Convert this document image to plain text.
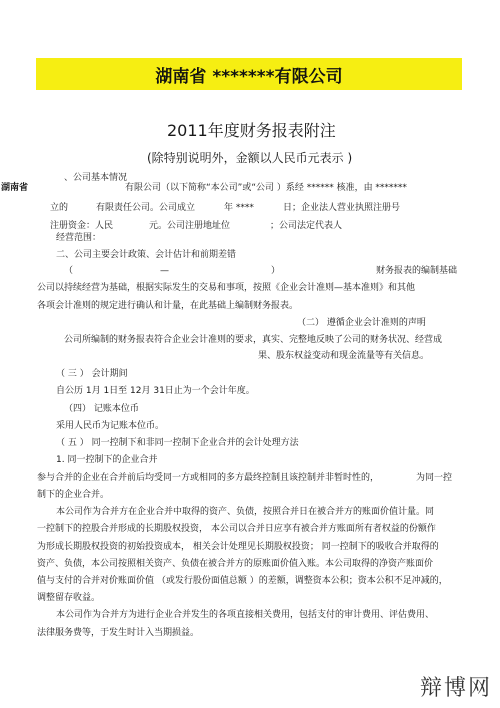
湖南省 *******有限公司
2011年度财务报表附注
(除特别说明外，金额以人民币元表示 )
、公司基本情况
湖南省	有限公司（以下简称“本公司”或“公司 ）系经 ****** 核准，由 *******
立的	有限责任公司。公司成立	年 ****	日；企业法人营业执照注册号
注册资金：人民	元。公司注册地址位	；公司法定代表人
经营范围：
二、公司主要会计政策、会计估计和前期差错
（	—	）	财务报表的编制基础
公司以持续经营为基础，根据实际发生的交易和事项，按照《企业会计准则—基本准则》和其他
各项会计准则的规定进行确认和计量，在此基础上编制财务报表。
（二） 遵循企业会计准则的声明
公司所编制的财务报表符合企业会计准则的要求，真实、完整地反映了公司的财务状况、经营成
果、股东权益变动和现金流量等有关信息。
（ 三 ） 会计期间
自公历 1月 1日至 12月 31日止为一个会计年度。
（四） 记账本位币
采用人民币为记账本位币。
（ 五 ） 同一控制下和非同一控制下企业合并的会计处理方法
1. 同一控制下的企业合并
参与合并的企业在合并前后均受同一方或相同的多方最终控制且该控制并非暂时性的，	为同一控
制下的企业合并。
本公司作为合并方在企业合并中取得的资产、负债，按照合并日在被合并方的账面价值计量。同
一控制下的控股合并形成的长期股权投资， 本公司以合并日应享有被合并方账面所有者权益的份额作
为形成长期股权投资的初始投资成本， 相关会计处理见长期股权投资； 同一控制下的吸收合并取得的
资产、负债，本公司按照相关资产、负债在被合并方的原账面价值入账。本公司取得的净资产账面价
值与支付的合并对价账面价值 （或发行股份面值总额 ）的差额，调整资本公积；资本公积不足冲减的，
调整留存收益。
本公司作为合并方为进行企业合并发生的各项直接相关费用，包括支付的审计费用、评估费用、
法律服务费等，于发生时计入当期损益。
辩博网
